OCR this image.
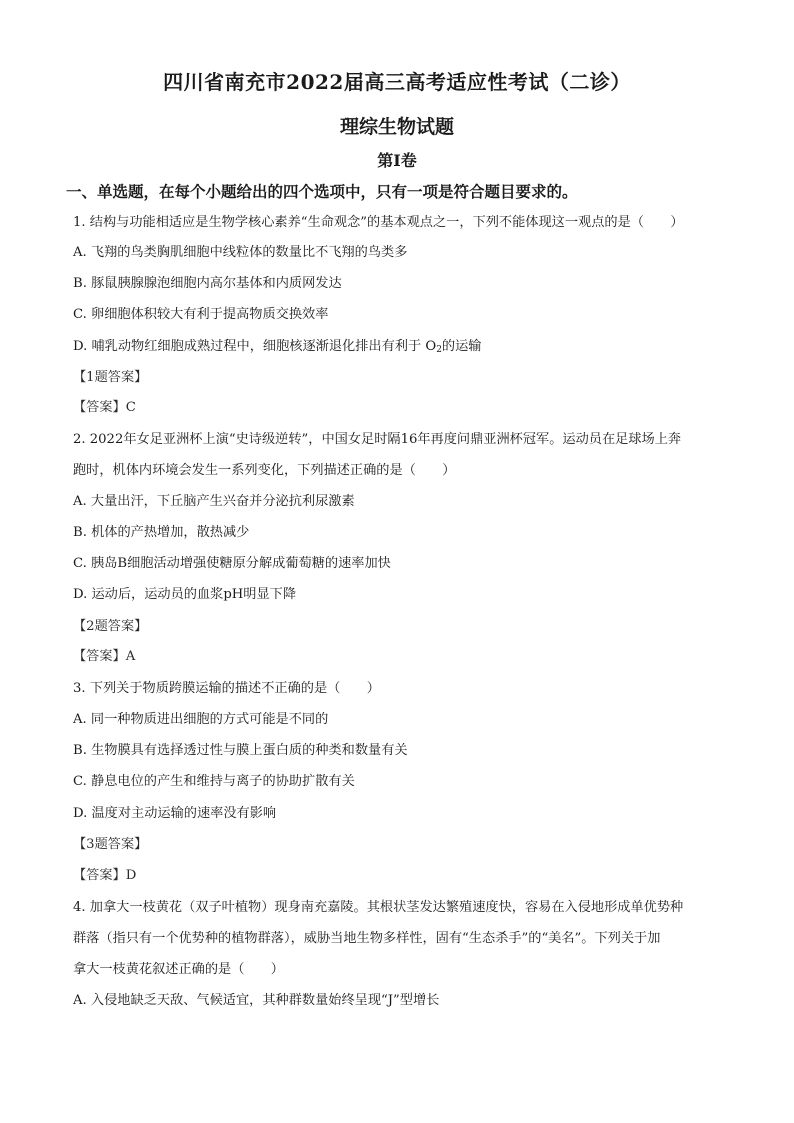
四川省南充市2022届高三高考适应性考试（二诊）
理综生物试题
第I卷
一、单选题，在每个小题给出的四个选项中，只有一项是符合题目要求的。
1. 结构与功能相适应是生物学核心素养“生命观念”的基本观点之一，下列不能体现这一观点的是（　　）
A. 飞翔的鸟类胸肌细胞中线粒体的数量比不飞翔的鸟类多
B. 豚鼠胰腺腺泡细胞内高尔基体和内质网发达
C. 卵细胞体积较大有利于提高物质交换效率
D. 哺乳动物红细胞成熟过程中，细胞核逐渐退化排出有利于 $O_2$的运输
【1题答案】
【答案】C
2. 2022年女足亚洲杯上演“史诗级逆转”，中国女足时隔16年再度问鼎亚洲杯冠军。运动员在足球场上奔
跑时，机体内环境会发生一系列变化，下列描述正确的是（　　）
A. 大量出汗，下丘脑产生兴奋并分泌抗利尿激素
B. 机体的产热增加，散热减少
C. 胰岛B细胞活动增强使糖原分解成葡萄糖的速率加快
D. 运动后，运动员的血浆pH明显下降
【2题答案】
【答案】A
3. 下列关于物质跨膜运输的描述不正确的是（　　）
A. 同一种物质进出细胞的方式可能是不同的
B. 生物膜具有选择透过性与膜上蛋白质的种类和数量有关
C. 静息电位的产生和维持与离子的协助扩散有关
D. 温度对主动运输的速率没有影响
【3题答案】
【答案】D
4. 加拿大一枝黄花（双子叶植物）现身南充嘉陵。其根状茎发达繁殖速度快，容易在入侵地形成单优势种
群落（指只有一个优势种的植物群落），威胁当地生物多样性，固有“生态杀手”的“美名”。下列关于加
拿大一枝黄花叙述正确的是（　　）
A. 入侵地缺乏天敌、气候适宜，其种群数量始终呈现“J”型增长
